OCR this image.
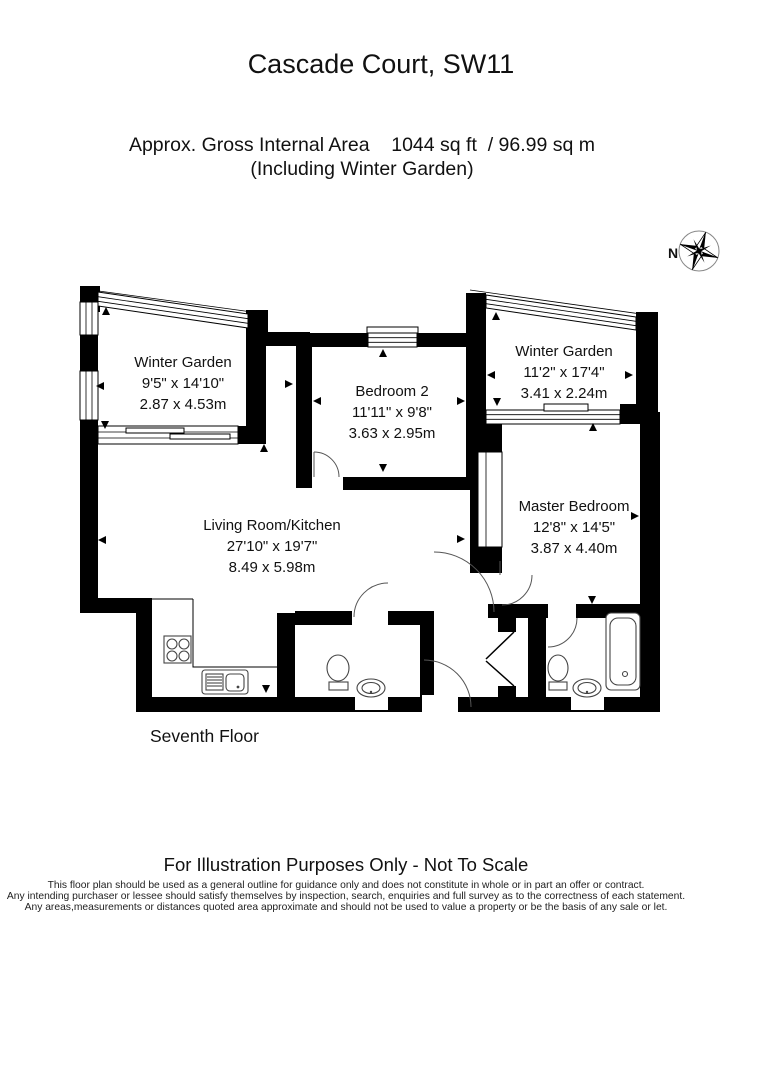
Cascade Court, SW11
Approx. Gross Internal Area    1044 sq ft  / 96.99 sq m
(Including Winter Garden)
N
Winter Garden
9'5" x 14'10"
2.87 x 4.53m
Bedroom 2
11'11" x 9'8"
3.63 x 2.95m
Winter Garden
11'2" x 17'4"
3.41 x 2.24m
Living Room/Kitchen
27'10" x 19'7"
8.49 x 5.98m
Master Bedroom
12'8" x 14'5"
3.87 x 4.40m
Seventh Floor
For Illustration Purposes Only - Not To Scale
This floor plan should be used as a general outline for guidance only and does not constitute in whole or in part an offer or contract.
Any intending purchaser or lessee should satisfy themselves by inspection, search, enquiries and full survey as to the correctness of each statement.
Any areas,measurements or distances quoted area approximate and should not be used to value a property or be the basis of any sale or let.
